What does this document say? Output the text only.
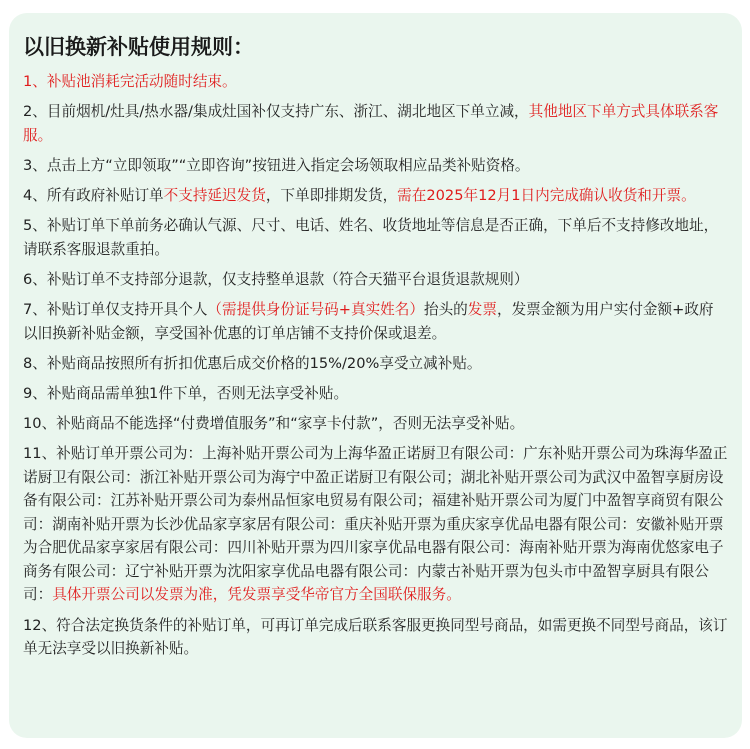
以旧换新补贴使用规则：
1、补贴池消耗完活动随时结束。
2、目前烟机/灶具/热水器/集成灶国补仅支持广东、浙江、湖北地区下单立减，其他地区下单方式具体联系客服。
3、点击上方“立即领取”“立即咨询”按钮进入指定会场领取相应品类补贴资格。
4、所有政府补贴订单不支持延迟发货，下单即排期发货，需在2025年12月1日内完成确认收货和开票。
5、补贴订单下单前务必确认气源、尺寸、电话、姓名、收货地址等信息是否正确，下单后不支持修改地址，请联系客服退款重拍。
6、补贴订单不支持部分退款，仅支持整单退款（符合天猫平台退货退款规则）
7、补贴订单仅支持开具个人（需提供身份证号码+真实姓名）抬头的发票，发票金额为用户实付金额+政府以旧换新补贴金额，享受国补优惠的订单店铺不支持价保或退差。
8、补贴商品按照所有折扣优惠后成交价格的15%/20%享受立减补贴。
9、补贴商品需单独1件下单，否则无法享受补贴。
10、补贴商品不能选择“付费增值服务”和“家享卡付款”，否则无法享受补贴。
11、补贴订单开票公司为：上海补贴开票公司为上海华盈正诺厨卫有限公司：广东补贴开票公司为珠海华盈正诺厨卫有限公司：浙江补贴开票公司为海宁中盈正诺厨卫有限公司；湖北补贴开票公司为武汉中盈智享厨房设备有限公司：江苏补贴开票公司为泰州品恒家电贸易有限公司；福建补贴开票公司为厦门中盈智享商贸有限公司：湖南补贴开票为长沙优品家享家居有限公司：重庆补贴开票为重庆家享优品电器有限公司：安徽补贴开票为合肥优品家享家居有限公司：四川补贴开票为四川家享优品电器有限公司：海南补贴开票为海南优悠家电子商务有限公司：辽宁补贴开票为沈阳家享优品电器有限公司：内蒙古补贴开票为包头市中盈智享厨具有限公司：具体开票公司以发票为准，凭发票享受华帝官方全国联保服务。
12、符合法定换货条件的补贴订单，可再订单完成后联系客服更换同型号商品，如需更换不同型号商品，该订单无法享受以旧换新补贴。
